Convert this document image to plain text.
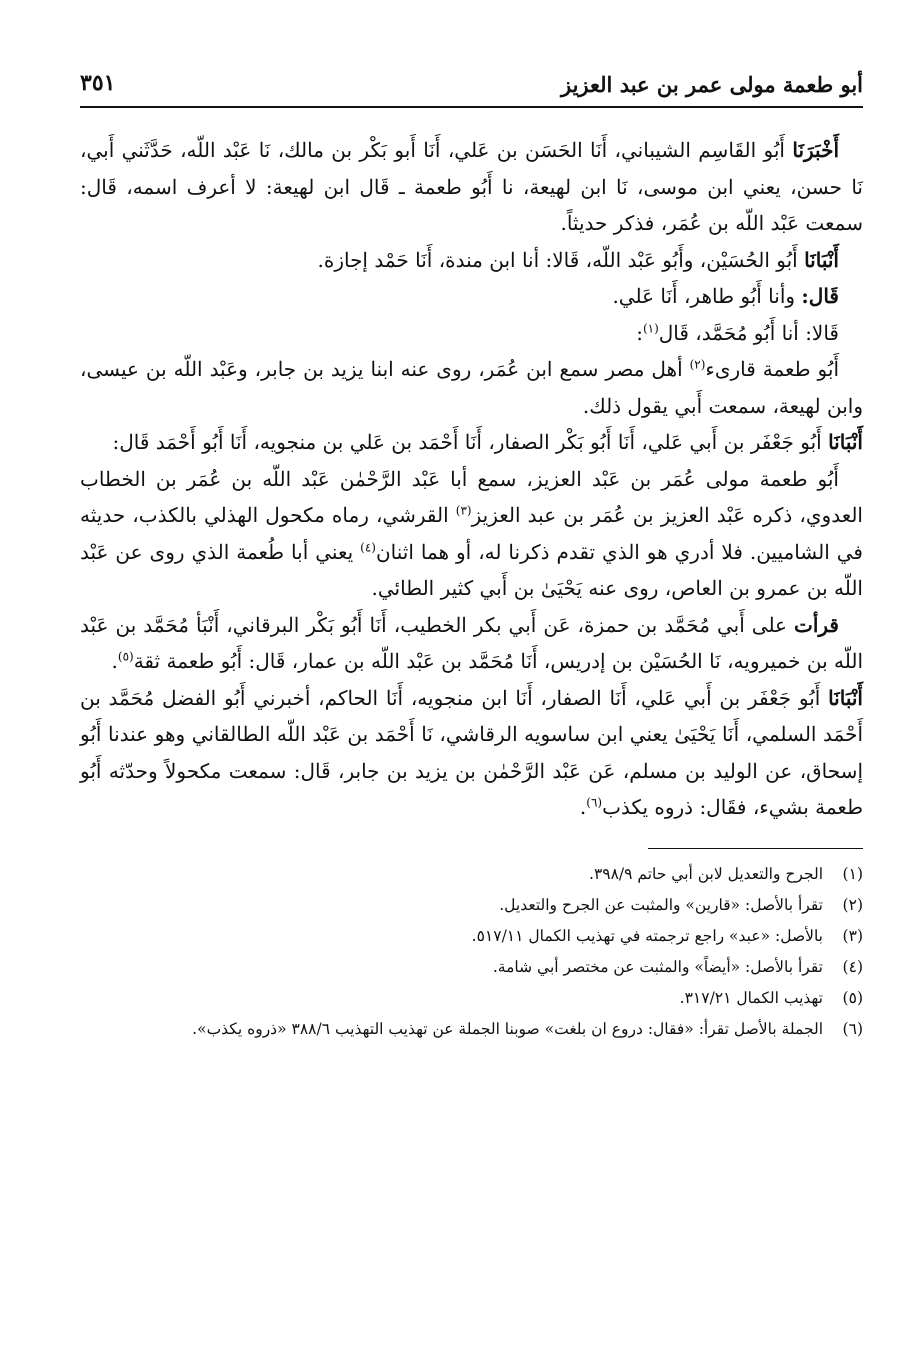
أبو طعمة مولى عمر بن عبد العزيز
٣٥١

أَخْبَرَنَا أَبُو القَاسِم الشيباني، أَنَا الحَسَن بن عَلي، أَنَا أَبو بَكْر بن مالك، نَا عَبْد اللّه، حَدَّثَني أَبي، نَا حسن، يعني ابن موسى، نَا ابن لهيعة، نا أَبُو طعمة ـ قَال ابن لهيعة: لا أعرف اسمه، قَال: سمعت عَبْد اللّه بن عُمَر، فذكر حديثاً.

أَنْبَانَا أَبُو الحُسَيْن، وأَبُو عَبْد اللّه، قَالا: أنا ابن مندة، أَنَا حَمْد إجازة.

قَال: وأنا أَبُو طاهر، أَنَا عَلي.

قَالا: أنا أَبُو مُحَمَّد، قَال$^{(١)}$:

أَبُو طعمة قارىء$^{(٢)}$ أهل مصر سمع ابن عُمَر، روى عنه ابنا يزيد بن جابر، وعَبْد اللّه بن عيسى، وابن لهيعة، سمعت أَبي يقول ذلك.

أَنْبَانَا أَبُو جَعْفَر بن أَبي عَلي، أَنَا أَبُو بَكْر الصفار، أَنَا أَحْمَد بن عَلي بن منجويه، أَنَا أَبُو أَحْمَد قَال:

أَبُو طعمة مولى عُمَر بن عَبْد العزيز، سمع أبا عَبْد الرَّحْمٰن عَبْد اللّه بن عُمَر بن الخطاب العدوي، ذكره عَبْد العزيز بن عُمَر بن عبد العزيز$^{(٣)}$ القرشي، رماه مكحول الهذلي بالكذب، حديثه في الشاميين. فلا أدري هو الذي تقدم ذكرنا له، أو هما اثنان$^{(٤)}$ يعني أبا طُعمة الذي روى عن عَبْد اللّه بن عمرو بن العاص، روى عنه يَحْيَىٰ بن أَبي كثير الطائي.

قرأت على أَبي مُحَمَّد بن حمزة، عَن أَبي بكر الخطيب، أَنَا أَبُو بَكْر البرقاني، أَنْبَأ مُحَمَّد بن عَبْد اللّه بن خميرويه، نَا الحُسَيْن بن إدريس، أَنَا مُحَمَّد بن عَبْد اللّه بن عمار، قَال: أَبُو طعمة ثقة$^{(٥)}$.

أَنْبَانَا أَبُو جَعْفَر بن أَبي عَلي، أَنَا الصفار، أَنَا ابن منجويه، أَنَا الحاكم، أخبرني أَبُو الفضل مُحَمَّد بن أَحْمَد السلمي، أَنَا يَحْيَىٰ يعني ابن ساسويه الرقاشي، نَا أَحْمَد بن عَبْد اللّه الطالقاني وهو عندنا أَبُو إسحاق، عن الوليد بن مسلم، عَن عَبْد الرَّحْمٰن بن يزيد بن جابر، قَال: سمعت مكحولاً وحدّثه أَبُو طعمة بشيء، فقَال: ذروه يكذب$^{(٦)}$.

(١)
الجرح والتعديل لابن أبي حاتم ٣٩٨/٩.
(٢)
تقرأ بالأصل: «قارين» والمثبت عن الجرح والتعديل.
(٣)
بالأصل: «عبد» راجع ترجمته في تهذيب الكمال ٥١٧/١١.
(٤)
تقرأ بالأصل: «أيضاً» والمثبت عن مختصر أبي شامة.
(٥)
تهذيب الكمال ٣١٧/٢١.
(٦)
الجملة بالأصل تقرأ: «فقال: دروع ان بلغت» صوبنا الجملة عن تهذيب التهذيب ٣٨٨/٦ «ذروه يكذب».
